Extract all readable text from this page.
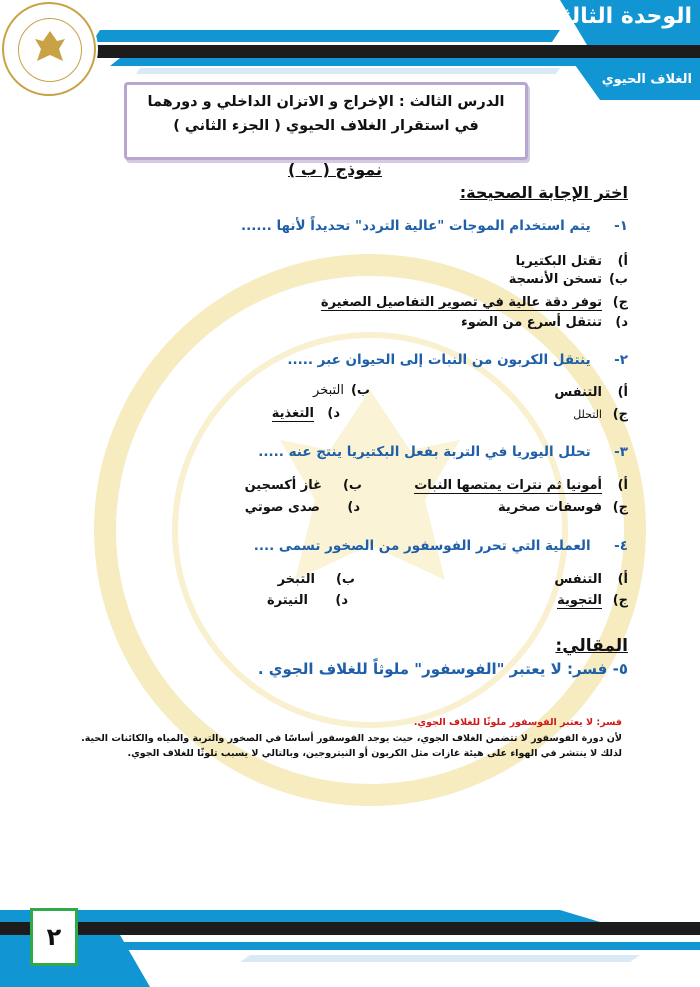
الوحدة الثالثة
الغلاف الحيوي
الدرس الثالث : الإخراج و الاتزان الداخلي و دورهما
في استقرار الغلاف الحيوي ( الجزء الثاني )
نموذج ( ب )
اختر الإجابة الصحيحة:
١-     يتم استخدام الموجات "عالية التردد" تحديداً لأنها ......
أ)تقتل البكتيريا
ب)تسخن الأنسجة
ج)توفر دقة عالية في تصوير التفاصيل الصغيرة
د)تنتقل أسرع من الضوء
٢-     ينتقل الكربون من النبات إلى الحيوان عبر .....
أ)التنفس
ب)التبخر
ج)التحلل
د)التغذية
٣-     تحلل اليوريا في التربة بفعل البكتيريا ينتج عنه .....
أ)أمونيا ثم نترات يمتصها النبات
ب)غاز أكسجين
ج)فوسفات صخرية
د)صدى صوتي
٤-     العملية التي تحرر الفوسفور من الصخور تسمى ....
أ)التنفس
ب)التبخر
ج)التجوية
د)النيترة
المقالي:
٥- فسر: لا يعتبر "الفوسفور" ملوثاً للغلاف الجوي .
فسر: لا يعتبر الفوسفور ملوثًا للغلاف الجوي.
لأن دورة الفوسفور لا تتضمن الغلاف الجوي، حيث يوجد الفوسفور أساسًا في الصخور والتربة والمياه والكائنات الحية.
لذلك لا ينتشر في الهواء على هيئة غازات مثل الكربون أو النيتروجين، وبالتالي لا يسبب تلوثًا للغلاف الجوي.
٢
